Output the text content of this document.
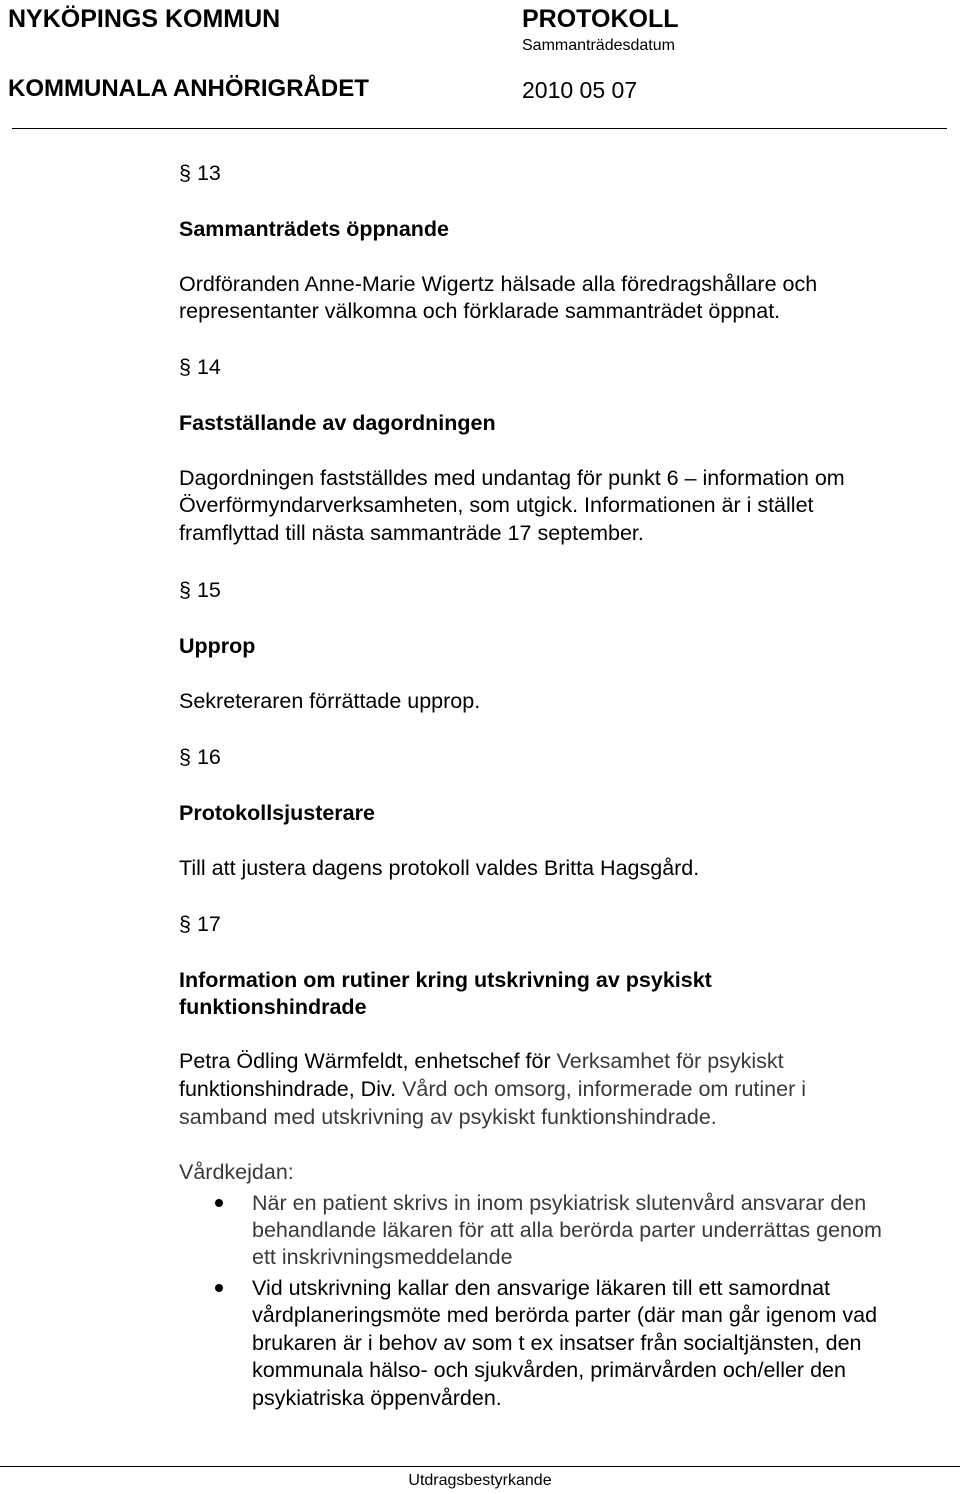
NYKÖPINGS KOMMUN	PROTOKOLL
Sammanträdesdatum
KOMMUNALA ANHÖRIGRÅDET	2010 05 07
§ 13
Sammanträdets öppnande
Ordföranden Anne-Marie Wigertz hälsade alla föredragshållare och
representanter välkomna och förklarade sammanträdet öppnat.
§ 14
Fastställande av dagordningen
Dagordningen fastställdes med undantag för punkt 6 – information om
Överförmyndarverksamheten, som utgick. Informationen är i stället
framflyttad till nästa sammanträde 17 september.
§ 15
Upprop
Sekreteraren förrättade upprop.
§ 16
Protokollsjusterare
Till att justera dagens protokoll valdes Britta Hagsgård.
§ 17
Information om rutiner kring utskrivning av psykiskt
funktionshindrade
Petra Ödling Wärmfeldt, enhetschef för Verksamhet för psykiskt
funktionshindrade, Div. Vård och omsorg, informerade om rutiner i
samband med utskrivning av psykiskt funktionshindrade.
Vårdkejdan:
När en patient skrivs in inom psykiatrisk slutenvård ansvarar den
behandlande läkaren för att alla berörda parter underrättas genom
ett inskrivningsmeddelande
Vid utskrivning kallar den ansvarige läkaren till ett samordnat
vårdplaneringsmöte med berörda parter (där man går igenom vad
brukaren är i behov av som t ex insatser från socialtjänsten, den
kommunala hälso- och sjukvården, primärvården och/eller den
psykiatriska öppenvården.
Utdragsbestyrkande
